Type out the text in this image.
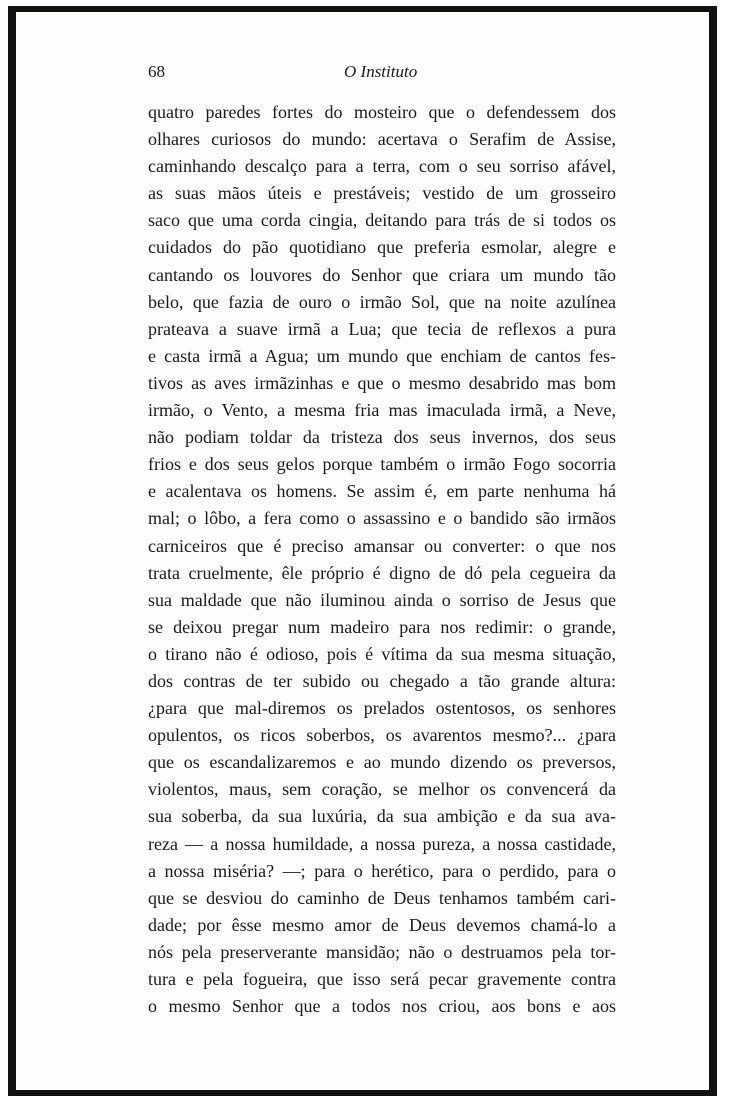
68	O Instituto
quatro paredes fortes do mosteiro que o defendessem dos
olhares curiosos do mundo: acertava o Serafim de Assise,
caminhando descalço para a terra, com o seu sorriso afável,
as suas mãos úteis e prestáveis; vestido de um grosseiro
saco que uma corda cingia, deitando para trás de si todos os
cuidados do pão quotidiano que preferia esmolar, alegre e
cantando os louvores do Senhor que criara um mundo tão
belo, que fazia de ouro o irmão Sol, que na noite azulínea
prateava a suave irmã a Lua; que tecia de reflexos a pura
e casta irmã a Agua; um mundo que enchiam de cantos fes-
tivos as aves irmãzinhas e que o mesmo desabrido mas bom
irmão, o Vento, a mesma fria mas imaculada irmã, a Neve,
não podiam toldar da tristeza dos seus invernos, dos seus
frios e dos seus gelos porque também o irmão Fogo socorria
e acalentava os homens. Se assim é, em parte nenhuma há
mal; o lôbo, a fera como o assassino e o bandido são irmãos
carniceiros que é preciso amansar ou converter: o que nos
trata cruelmente, êle próprio é digno de dó pela cegueira da
sua maldade que não iluminou ainda o sorriso de Jesus que
se deixou pregar num madeiro para nos redimir: o grande,
o tirano não é odioso, pois é vítima da sua mesma situação,
dos contras de ter subido ou chegado a tão grande altura:
¿para que mal-diremos os prelados ostentosos, os senhores
opulentos, os ricos soberbos, os avarentos mesmo?... ¿para
que os escandalizaremos e ao mundo dizendo os preversos,
violentos, maus, sem coração, se melhor os convencerá da
sua soberba, da sua luxúria, da sua ambição e da sua ava-
reza — a nossa humildade, a nossa pureza, a nossa castidade,
a nossa miséria? —; para o herético, para o perdido, para o
que se desviou do caminho de Deus tenhamos também cari-
dade; por êsse mesmo amor de Deus devemos chamá-lo a
nós pela preserverante mansidão; não o destruamos pela tor-
tura e pela fogueira, que isso será pecar gravemente contra
o mesmo Senhor que a todos nos criou, aos bons e aos
